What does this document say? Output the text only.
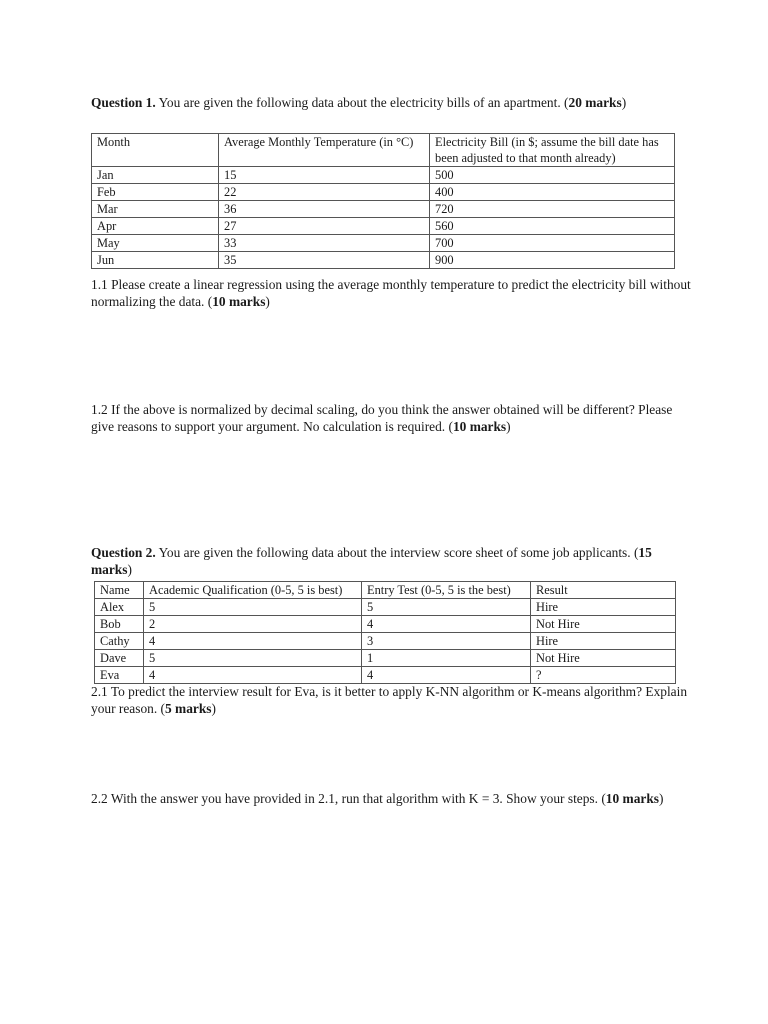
Question 1. You are given the following data about the electricity bills of an apartment. (20 marks)

Month	Average Monthly Temperature (in °C)	Electricity Bill (in $; assume the bill date has been adjusted to that month already)
Jan	15	500
Feb	22	400
Mar	36	720
Apr	27	560
May	33	700
Jun	35	900

1.1 Please create a linear regression using the average monthly temperature to predict the electricity bill without normalizing the data. (10 marks)

1.2 If the above is normalized by decimal scaling, do you think the answer obtained will be different? Please give reasons to support your argument. No calculation is required. (10 marks)

Question 2. You are given the following data about the interview score sheet of some job applicants. (15 marks)

Name	Academic Qualification (0-5, 5 is best)	Entry Test (0-5, 5 is the best)	Result
Alex	5	5	Hire
Bob	2	4	Not Hire
Cathy	4	3	Hire
Dave	5	1	Not Hire
Eva	4	4	?

2.1 To predict the interview result for Eva, is it better to apply K-NN algorithm or K-means algorithm? Explain your reason. (5 marks)

2.2 With the answer you have provided in 2.1, run that algorithm with K = 3. Show your steps. (10 marks)
